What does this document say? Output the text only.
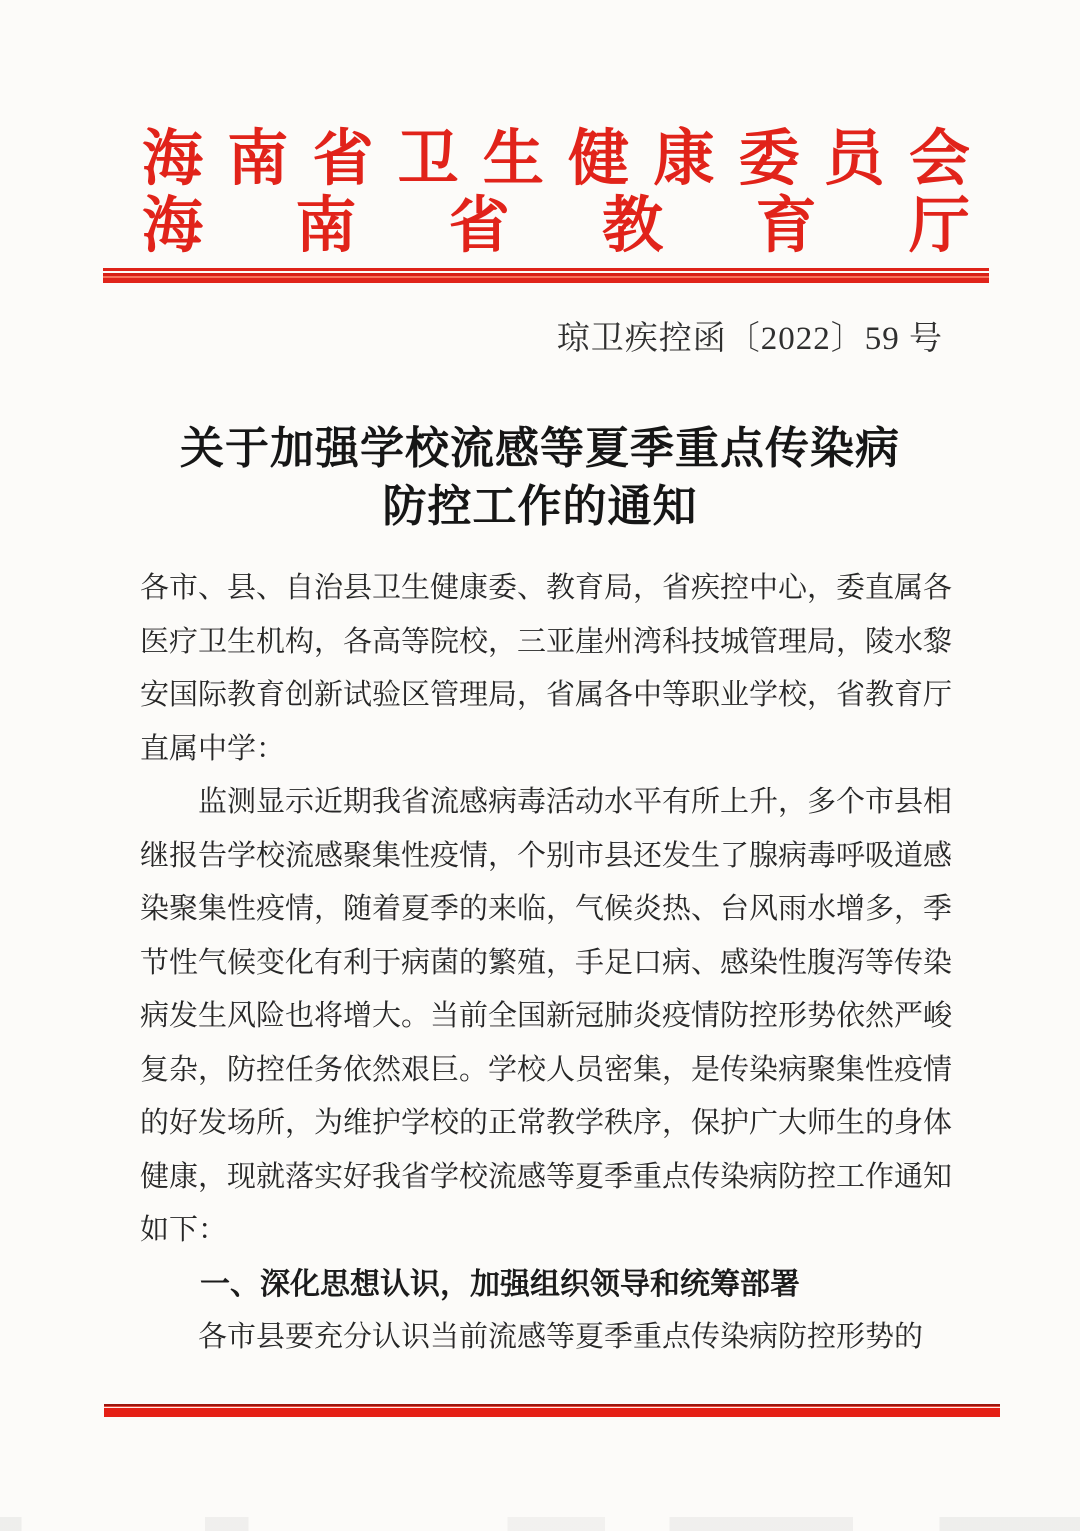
海 南 省 卫 生 健 康 委 员 会
海 南 省 教 育 厅
琼卫疾控函〔2022〕59 号
关于加强学校流感等夏季重点传染病
防控工作的通知

各市、县、自治县卫生健康委、教育局，省疾控中心，委直属各医疗卫生机构，各高等院校，三亚崖州湾科技城管理局，陵水黎安国际教育创新试验区管理局，省属各中等职业学校，省教育厅直属中学：

监测显示近期我省流感病毒活动水平有所上升，多个市县相继报告学校流感聚集性疫情，个别市县还发生了腺病毒呼吸道感染聚集性疫情，随着夏季的来临，气候炎热、台风雨水增多，季节性气候变化有利于病菌的繁殖，手足口病、感染性腹泻等传染病发生风险也将增大。当前全国新冠肺炎疫情防控形势依然严峻复杂，防控任务依然艰巨。学校人员密集，是传染病聚集性疫情的好发场所，为维护学校的正常教学秩序，保护广大师生的身体健康，现就落实好我省学校流感等夏季重点传染病防控工作通知如下：

一、深化思想认识，加强组织领导和统筹部署

各市县要充分认识当前流感等夏季重点传染病防控形势的
